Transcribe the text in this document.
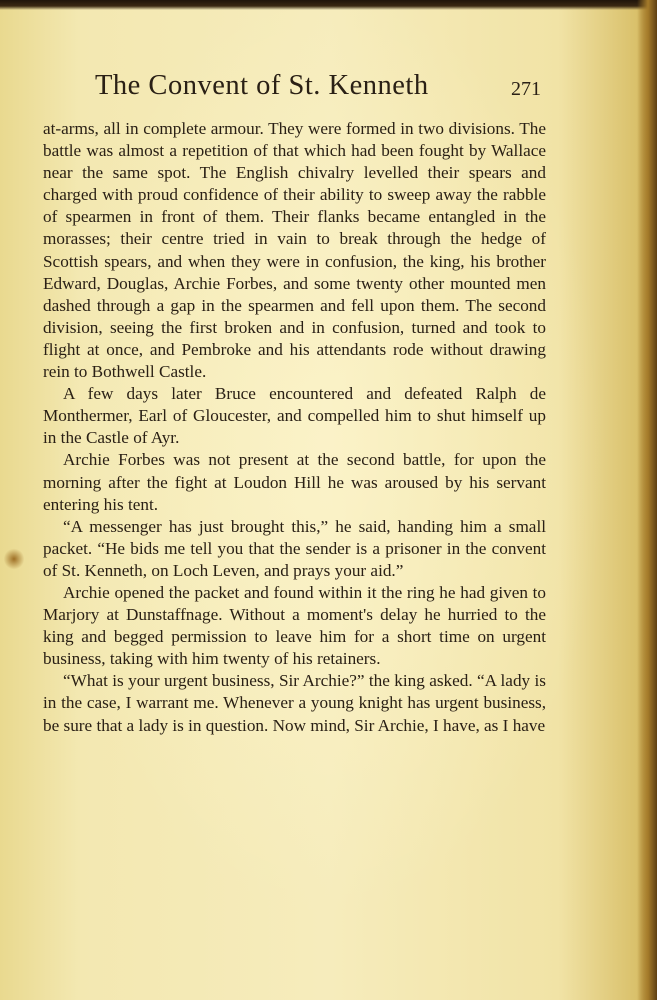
The Convent of St. Kenneth	271

at-arms, all in complete armour. They were formed in two divisions. The battle was almost a repetition of that which had been fought by Wallace near the same spot. The English chivalry levelled their spears and charged with proud confidence of their ability to sweep away the rabble of spearmen in front of them. Their flanks became entangled in the morasses; their centre tried in vain to break through the hedge of Scottish spears, and when they were in confusion, the king, his brother Edward, Douglas, Archie Forbes, and some twenty other mounted men dashed through a gap in the spearmen and fell upon them. The second division, seeing the first broken and in confusion, turned and took to flight at once, and Pembroke and his attendants rode without drawing rein to Bothwell Castle.

A few days later Bruce encountered and defeated Ralph de Monthermer, Earl of Gloucester, and compelled him to shut himself up in the Castle of Ayr.

Archie Forbes was not present at the second battle, for upon the morning after the fight at Loudon Hill he was aroused by his servant entering his tent.

“A messenger has just brought this,” he said, handing him a small packet. “He bids me tell you that the sender is a prisoner in the convent of St. Kenneth, on Loch Leven, and prays your aid.”

Archie opened the packet and found within it the ring he had given to Marjory at Dunstaffnage. Without a moment's delay he hurried to the king and begged permission to leave him for a short time on urgent business, taking with him twenty of his retainers.

“What is your urgent business, Sir Archie?” the king asked. “A lady is in the case, I warrant me. Whenever a young knight has urgent business, be sure that a lady is in question. Now mind, Sir Archie, I have, as I have
